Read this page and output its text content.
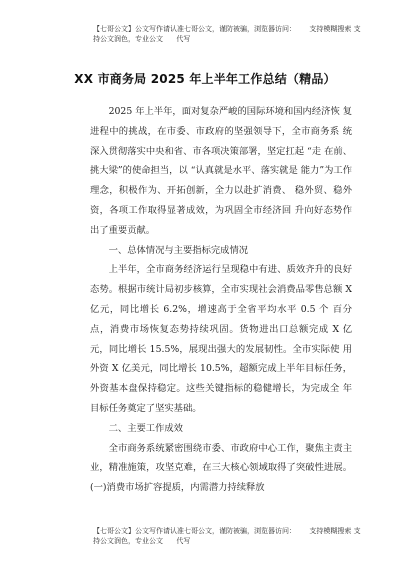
【七哥公文】公文写作请认准七哥公文，谨防被骗，浏览器访问：      支持模糊搜索 支持公文润色，专业公文      代写
XX 市商务局 2025 年上半年工作总结（精品）

2025 年上半年，面对复杂严峻的国际环境和国内经济恢 复进程中的挑战，在市委、市政府的坚强领导下，全市商务系 统深入贯彻落实中央和省、市各项决策部署，坚定扛起 “走 在前、挑大梁”的使命担当，以 “认真就是水平、落实就是 能力”为工作理念，积极作为、开拓创新，全力以赴扩消费、 稳外贸、稳外资，各项工作取得显著成效，为巩固全市经济回 升向好态势作出了重要贡献。

一、总体情况与主要指标完成情况

上半年，全市商务经济运行呈现稳中有进、质效齐升的良好态势。根据市统计局初步核算，全市实现社会消费品零售总额 X 亿元，同比增长 6.2%，增速高于全省平均水平 0.5 个 百分点，消费市场恢复态势持续巩固。货物进出口总额完成 X 亿元，同比增长 15.5%，展现出强大的发展韧性。全市实际使 用外资 X 亿美元，同比增长 10.5%，超额完成上半年目标任务，外资基本盘保持稳定。这些关键指标的稳健增长，为完成全 年目标任务奠定了坚实基础。

二、主要工作成效

全市商务系统紧密围绕市委、市政府中心工作，聚焦主责主业，精准施策，攻坚克难，在三大核心领域取得了突破性进展。 (一)消费市场扩容提质，内需潜力持续释放

【七哥公文】公文写作请认准七哥公文，谨防被骗，浏览器访问：      支持模糊搜索 支持公文润色，专业公文      代写
